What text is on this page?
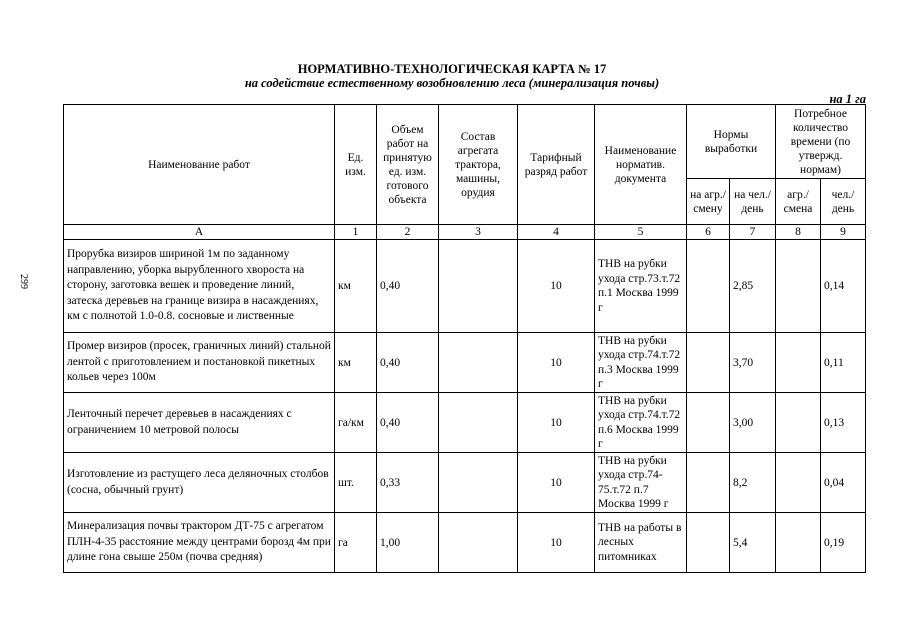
НОРМАТИВНО-ТЕХНОЛОГИЧЕСКАЯ КАРТА № 17
на содействие естественному возобновлению леса (минерализация почвы)
на 1 га
299
Наименование работ	Ед. изм.	Объем работ на принятую ед. изм. готового объекта	Состав агрегата трактора, машины, орудия	Тарифный разряд работ	Наименование норматив. документа	Нормы выработки		Потребное количество времени (по утвержд. нормам)	
						на агр./ смену	на чел./ день	агр./ смена	чел./ день
А	1	2	3	4	5	6	7	8	9
Прорубка визиров шириной 1м по заданному направлению, уборка вырубленного хвороста на сторону, заготовка вешек и проведение линий, затеска деревьев на границе визира в насаждениях, км с полнотой 1.0-0.8. сосновые и лиственные	км	0,40		10	ТНВ на рубки ухода стр.73.т.72 п.1 Москва 1999 г		2,85		0,14
Промер визиров (просек, граничных линий) стальной лентой с приготовлением и постановкой пикетных кольев через 100м	км	0,40		10	ТНВ на рубки ухода стр.74.т.72 п.3 Москва 1999 г		3,70		0,11
Ленточный перечет деревьев в насаждениях с ограничением 10 метровой полосы	га/км	0,40		10	ТНВ на рубки ухода стр.74.т.72 п.6 Москва 1999 г		3,00		0,13
Изготовление из растущего леса деляночных столбов (сосна, обычный грунт)	шт.	0,33		10	ТНВ на рубки ухода стр.74-75.т.72 п.7 Москва 1999 г		8,2		0,04
Минерализация почвы трактором ДТ-75 с агрегатом ПЛН-4-35 расстояние между центрами борозд 4м при длине гона свыше 250м (почва средняя)	га	1,00		10	ТНВ на работы в лесных питомниках		5,4		0,19
